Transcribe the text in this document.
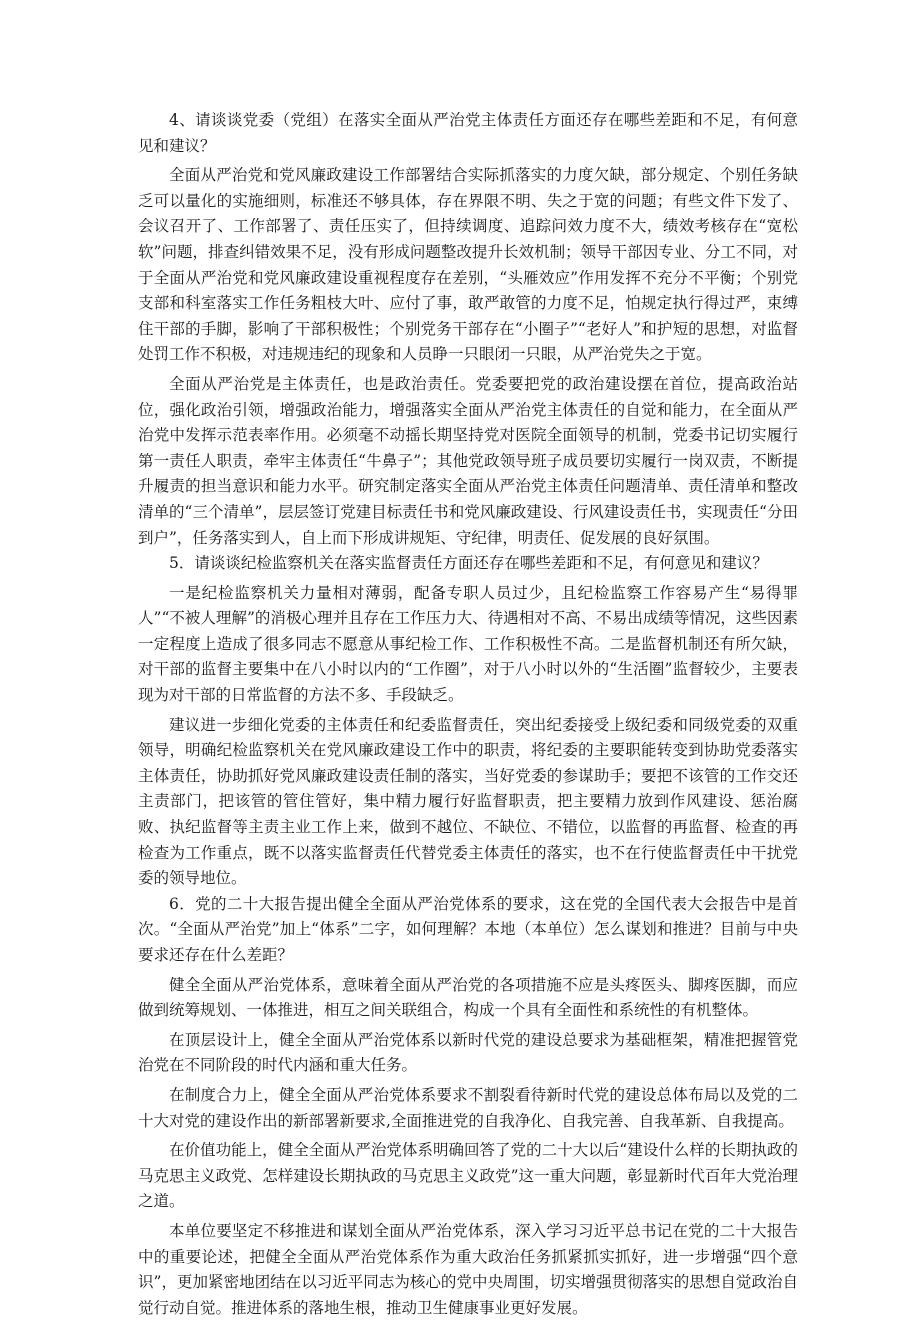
4、请谈谈党委（党组）在落实全面从严治党主体责任方面还存在哪些差距和不足，有何意见和建议？

全面从严治党和党风廉政建设工作部署结合实际抓落实的力度欠缺，部分规定、个别任务缺乏可以量化的实施细则，标准还不够具体，存在界限不明、失之于宽的问题；有些文件下发了、会议召开了、工作部署了、责任压实了，但持续调度、追踪问效力度不大，绩效考核存在“宽松软”问题，排查纠错效果不足，没有形成问题整改提升长效机制；领导干部因专业、分工不同，对于全面从严治党和党风廉政建设重视程度存在差别，“头雁效应”作用发挥不充分不平衡；个别党支部和科室落实工作任务粗枝大叶、应付了事，敢严敢管的力度不足，怕规定执行得过严，束缚住干部的手脚，影响了干部积极性；个别党务干部存在“小圈子”“老好人”和护短的思想，对监督处罚工作不积极，对违规违纪的现象和人员睁一只眼闭一只眼，从严治党失之于宽。

全面从严治党是主体责任，也是政治责任。党委要把党的政治建设摆在首位，提高政治站位，强化政治引领，增强政治能力，增强落实全面从严治党主体责任的自觉和能力，在全面从严治党中发挥示范表率作用。必须毫不动摇长期坚持党对医院全面领导的机制，党委书记切实履行第一责任人职责，牵牢主体责任“牛鼻子”；其他党政领导班子成员要切实履行一岗双责，不断提升履责的担当意识和能力水平。研究制定落实全面从严治党主体责任问题清单、责任清单和整改清单的“三个清单”，层层签订党建目标责任书和党风廉政建设、行风建设责任书，实现责任“分田到户”，任务落实到人，自上而下形成讲规矩、守纪律，明责任、促发展的良好氛围。

5．请谈谈纪检监察机关在落实监督责任方面还存在哪些差距和不足，有何意见和建议？

一是纪检监察机关力量相对薄弱，配备专职人员过少，且纪检监察工作容易产生“易得罪人”“不被人理解”的消极心理并且存在工作压力大、待遇相对不高、不易出成绩等情况，这些因素一定程度上造成了很多同志不愿意从事纪检工作、工作积极性不高。二是监督机制还有所欠缺，对干部的监督主要集中在八小时以内的“工作圈”，对于八小时以外的“生活圈”监督较少，主要表现为对干部的日常监督的方法不多、手段缺乏。

建议进一步细化党委的主体责任和纪委监督责任，突出纪委接受上级纪委和同级党委的双重领导，明确纪检监察机关在党风廉政建设工作中的职责，将纪委的主要职能转变到协助党委落实主体责任，协助抓好党风廉政建设责任制的落实，当好党委的参谋助手；要把不该管的工作交还主责部门，把该管的管住管好，集中精力履行好监督职责，把主要精力放到作风建设、惩治腐败、执纪监督等主责主业工作上来，做到不越位、不缺位、不错位，以监督的再监督、检查的再检查为工作重点，既不以落实监督责任代替党委主体责任的落实，也不在行使监督责任中干扰党委的领导地位。

6．党的二十大报告提出健全全面从严治党体系的要求，这在党的全国代表大会报告中是首次。“全面从严治党”加上“体系”二字，如何理解？本地（本单位）怎么谋划和推进？目前与中央要求还存在什么差距？

健全全面从严治党体系，意味着全面从严治党的各项措施不应是头疼医头、脚疼医脚，而应做到统筹规划、一体推进，相互之间关联组合，构成一个具有全面性和系统性的有机整体。

在顶层设计上，健全全面从严治党体系以新时代党的建设总要求为基础框架，精准把握管党治党在不同阶段的时代内涵和重大任务。

在制度合力上，健全全面从严治党体系要求不割裂看待新时代党的建设总体布局以及党的二十大对党的建设作出的新部署新要求,全面推进党的自我净化、自我完善、自我革新、自我提高。

在价值功能上，健全全面从严治党体系明确回答了党的二十大以后“建设什么样的长期执政的马克思主义政党、怎样建设长期执政的马克思主义政党”这一重大问题，彰显新时代百年大党治理之道。

本单位要坚定不移推进和谋划全面从严治党体系，深入学习习近平总书记在党的二十大报告中的重要论述，把健全全面从严治党体系作为重大政治任务抓紧抓实抓好，进一步增强“四个意识”，更加紧密地团结在以习近平同志为核心的党中央周围，切实增强贯彻落实的思想自觉政治自觉行动自觉。推进体系的落地生根，推动卫生健康事业更好发展。
